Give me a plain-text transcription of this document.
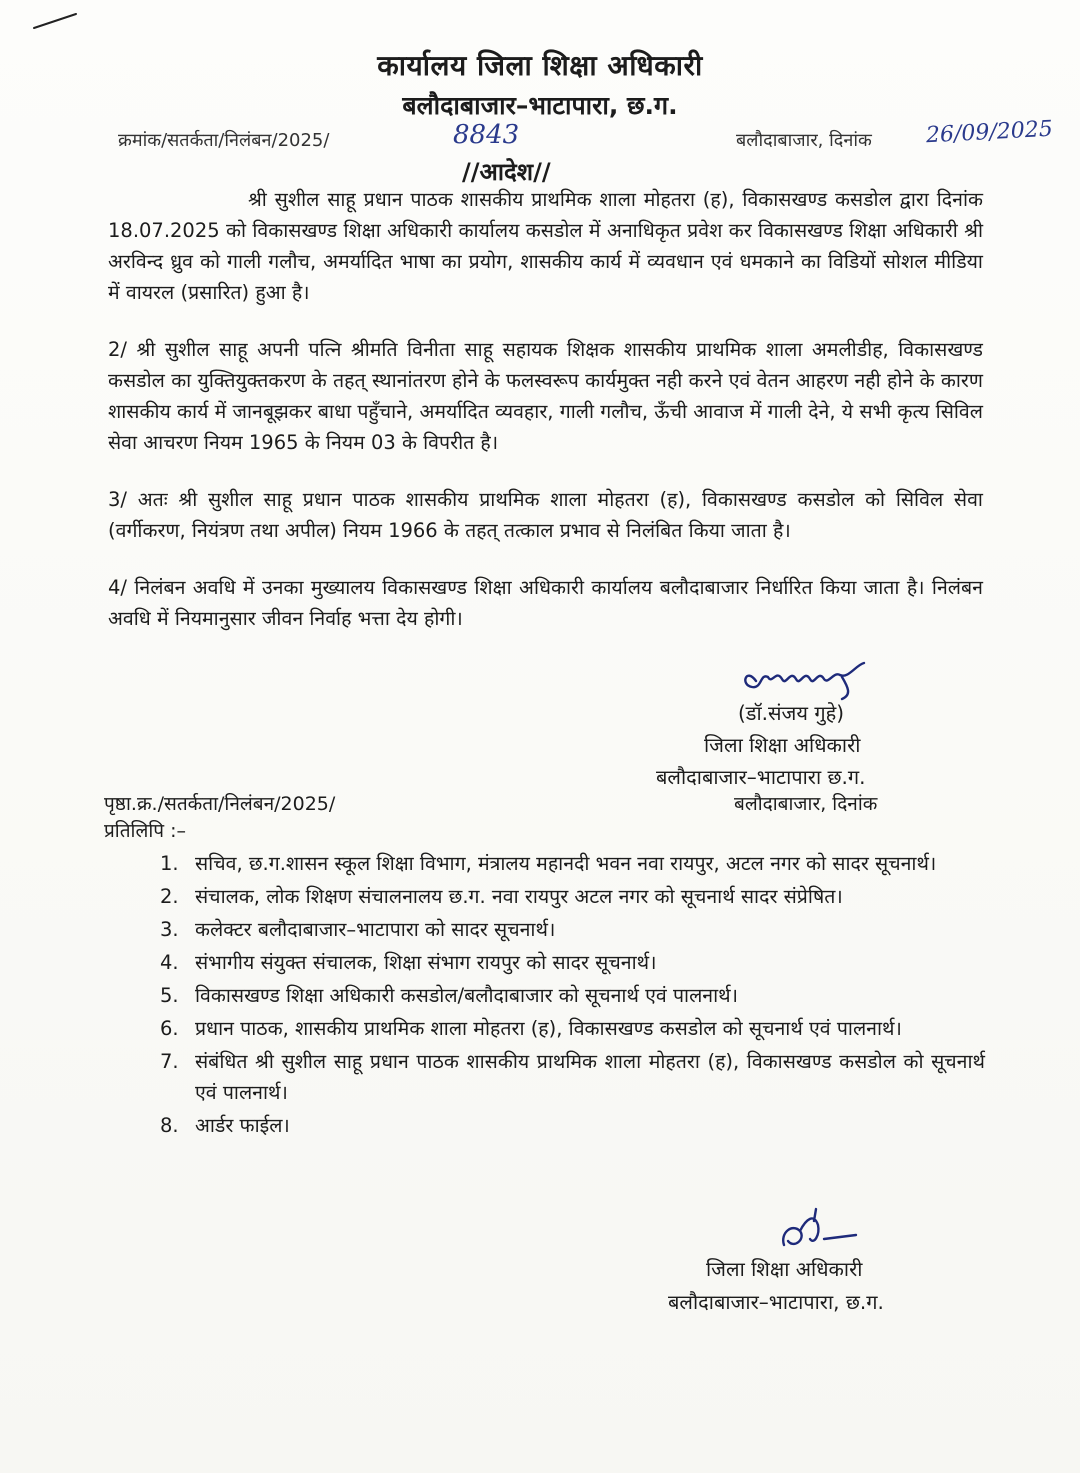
कार्यालय जिला शिक्षा अधिकारी
बलौदाबाजार–भाटापारा, छ.ग.
क्रमांक/सतर्कता/निलंबन/2025/	8843	बलौदाबाजार, दिनांक 26/09/2025
//आदेश//

श्री सुशील साहू प्रधान पाठक शासकीय प्राथमिक शाला मोहतरा (ह), विकासखण्ड कसडोल द्वारा दिनांक 18.07.2025 को विकासखण्ड शिक्षा अधिकारी कार्यालय कसडोल में अनाधिकृत प्रवेश कर विकासखण्ड शिक्षा अधिकारी श्री अरविन्द ध्रुव को गाली गलौच, अमर्यादित भाषा का प्रयोग, शासकीय कार्य में व्यवधान एवं धमकाने का विडियों सोशल मीडिया में वायरल (प्रसारित) हुआ है।

2/ श्री सुशील साहू अपनी पत्नि श्रीमति विनीता साहू सहायक शिक्षक शासकीय प्राथमिक शाला अमलीडीह, विकासखण्ड कसडोल का युक्तियुक्तकरण के तहत् स्थानांतरण होने के फलस्वरूप कार्यमुक्त नही करने एवं वेतन आहरण नही होने के कारण शासकीय कार्य में जानबूझकर बाधा पहुँचाने, अमर्यादित व्यवहार, गाली गलौच, ऊँची आवाज में गाली देने, ये सभी कृत्य सिविल सेवा आचरण नियम 1965 के नियम 03 के विपरीत है।

3/ अतः श्री सुशील साहू प्रधान पाठक शासकीय प्राथमिक शाला मोहतरा (ह), विकासखण्ड कसडोल को सिविल सेवा (वर्गीकरण, नियंत्रण तथा अपील) नियम 1966 के तहत् तत्काल प्रभाव से निलंबित किया जाता है।

4/ निलंबन अवधि में उनका मुख्यालय विकासखण्ड शिक्षा अधिकारी कार्यालय बलौदाबाजार निर्धारित किया जाता है। निलंबन अवधि में नियमानुसार जीवन निर्वाह भत्ता देय होगी।

(डॉ.संजय गुहे)
जिला शिक्षा अधिकारी
बलौदाबाजार–भाटापारा छ.ग.
पृष्ठा.क्र./सतर्कता/निलंबन/2025/	बलौदाबाजार, दिनांक
प्रतिलिपि :–
1. सचिव, छ.ग.शासन स्कूल शिक्षा विभाग, मंत्रालय महानदी भवन नवा रायपुर, अटल नगर को सादर सूचनार्थ।
2. संचालक, लोक शिक्षण संचालनालय छ.ग. नवा रायपुर अटल नगर को सूचनार्थ सादर संप्रेषित।
3. कलेक्टर बलौदाबाजार–भाटापारा को सादर सूचनार्थ।
4. संभागीय संयुक्त संचालक, शिक्षा संभाग रायपुर को सादर सूचनार्थ।
5. विकासखण्ड शिक्षा अधिकारी कसडोल/बलौदाबाजार को सूचनार्थ एवं पालनार्थ।
6. प्रधान पाठक, शासकीय प्राथमिक शाला मोहतरा (ह), विकासखण्ड कसडोल को सूचनार्थ एवं पालनार्थ।
7. संबंधित श्री सुशील साहू प्रधान पाठक शासकीय प्राथमिक शाला मोहतरा (ह), विकासखण्ड कसडोल को सूचनार्थ एवं पालनार्थ।
8. आर्डर फाईल।
जिला शिक्षा अधिकारी
बलौदाबाजार–भाटापारा, छ.ग.
